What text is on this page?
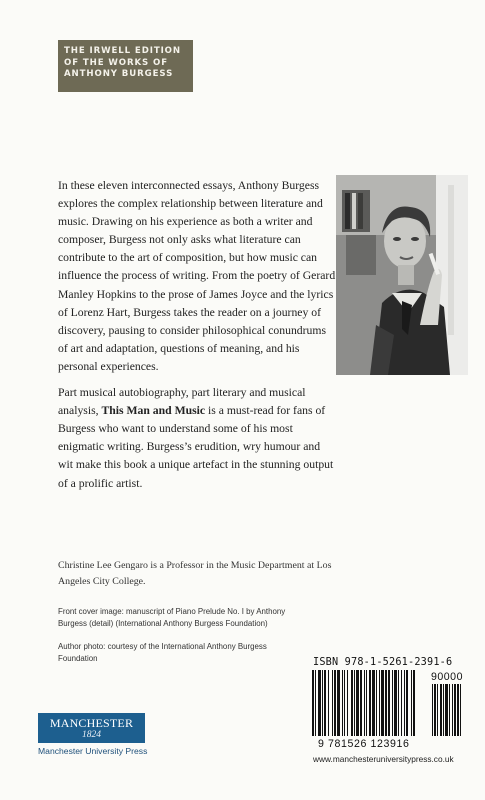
THE IRWELL EDITION
OF THE WORKS OF
ANTHONY BURGESS

In these eleven interconnected essays, Anthony Burgess explores the complex relationship between literature and music. Drawing on his experience as both a writer and composer, Burgess not only asks what literature can contribute to the art of composition, but how music can influence the process of writing. From the poetry of Gerard Manley Hopkins to the prose of James Joyce and the lyrics of Lorenz Hart, Burgess takes the reader on a journey of discovery, pausing to consider philosophical conundrums of art and adaptation, questions of meaning, and his personal experiences.

Part musical autobiography, part literary and musical analysis, This Man and Music is a must-read for fans of Burgess who want to understand some of his most enigmatic writing. Burgess’s erudition, wry humour and wit make this book a unique artefact in the stunning output of a prolific artist.

Christine Lee Gengaro is a Professor in the Music Department at Los Angeles City College.

Front cover image: manuscript of Piano Prelude No. I by Anthony Burgess (detail) (International Anthony Burgess Foundation)

Author photo: courtesy of the International Anthony Burgess Foundation	ISBN 978-1-5261-2391-6
90000
9 781526 123916
www.manchesteruniversitypress.co.uk
MANCHESTER
1824
Manchester University Press
